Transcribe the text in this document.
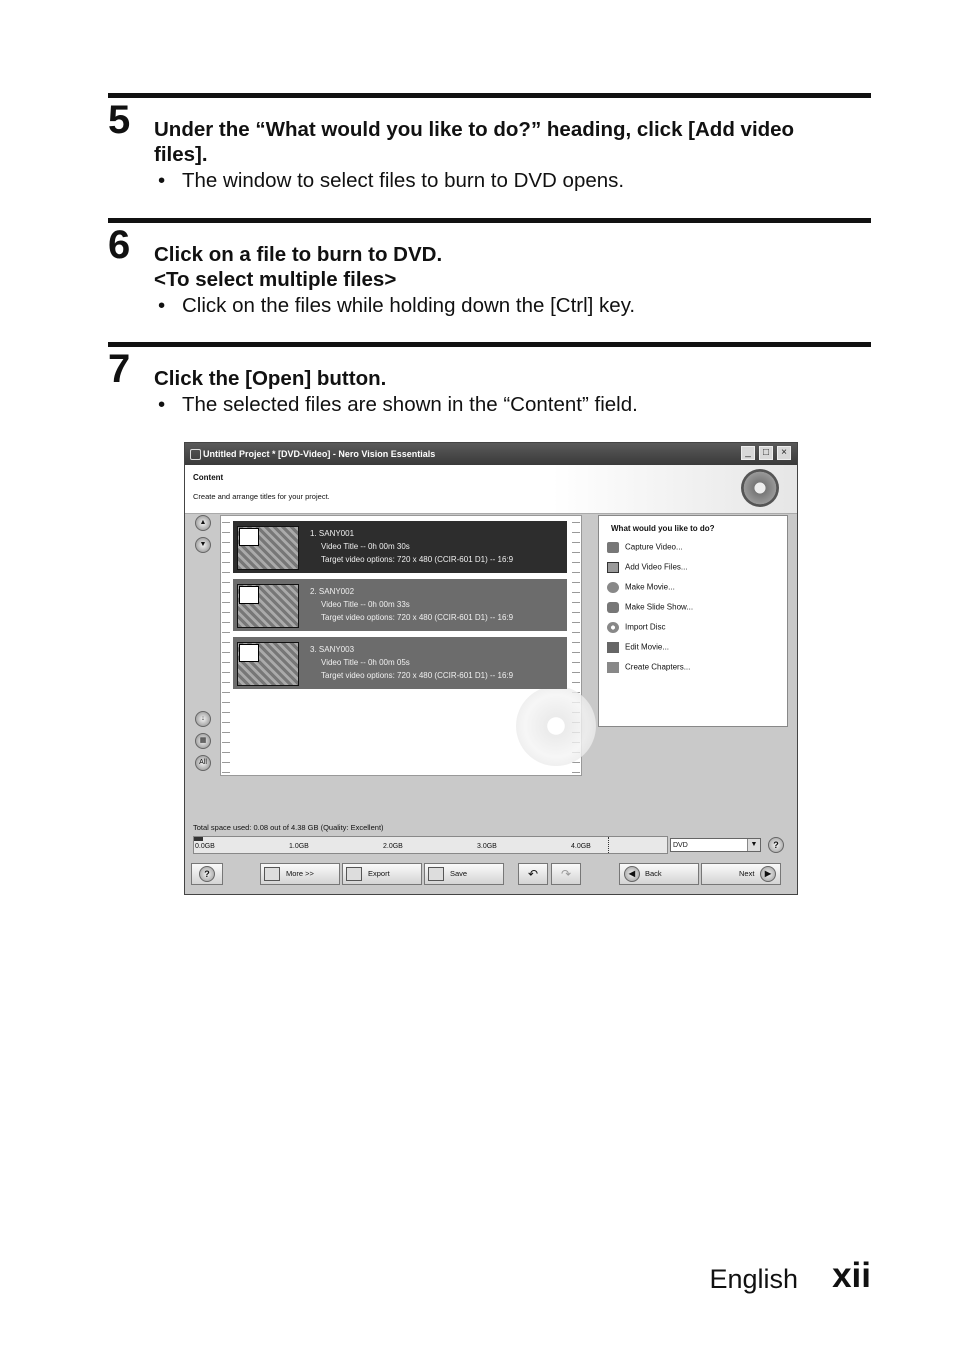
5 Under the “What would you like to do?” heading, click [Add video
files].
• The window to select files to burn to DVD opens.
6 Click on a file to burn to DVD.
<To select multiple files>
• Click on the files while holding down the [Ctrl] key.
7 Click the [Open] button.
• The selected files are shown in the “Content” field.
Untitled Project * [DVD-Video] - Nero Vision Essentials	_	□	×
Content
Create and arrange titles for your project.
▲
▼
↓
▦
All
1. SANY001
Video Title -- 0h 00m 30s
Target video options: 720 x 480 (CCIR-601 D1) -- 16:9
2. SANY002
Video Title -- 0h 00m 33s
Target video options: 720 x 480 (CCIR-601 D1) -- 16:9
3. SANY003
Video Title -- 0h 00m 05s
Target video options: 720 x 480 (CCIR-601 D1) -- 16:9
What would you like to do?
Capture Video...
Add Video Files...
Make Movie...
Make Slide Show...
Import Disc
Edit Movie...
Create Chapters...
Total space used: 0.08 out of 4.38 GB (Quality: Excellent)
0.0GB	1.0GB	2.0GB	3.0GB	4.0GB	DVD	▼	?
?	More >>	Export	Save	↶ ↷	◀	Back	Next	▶
English xii
